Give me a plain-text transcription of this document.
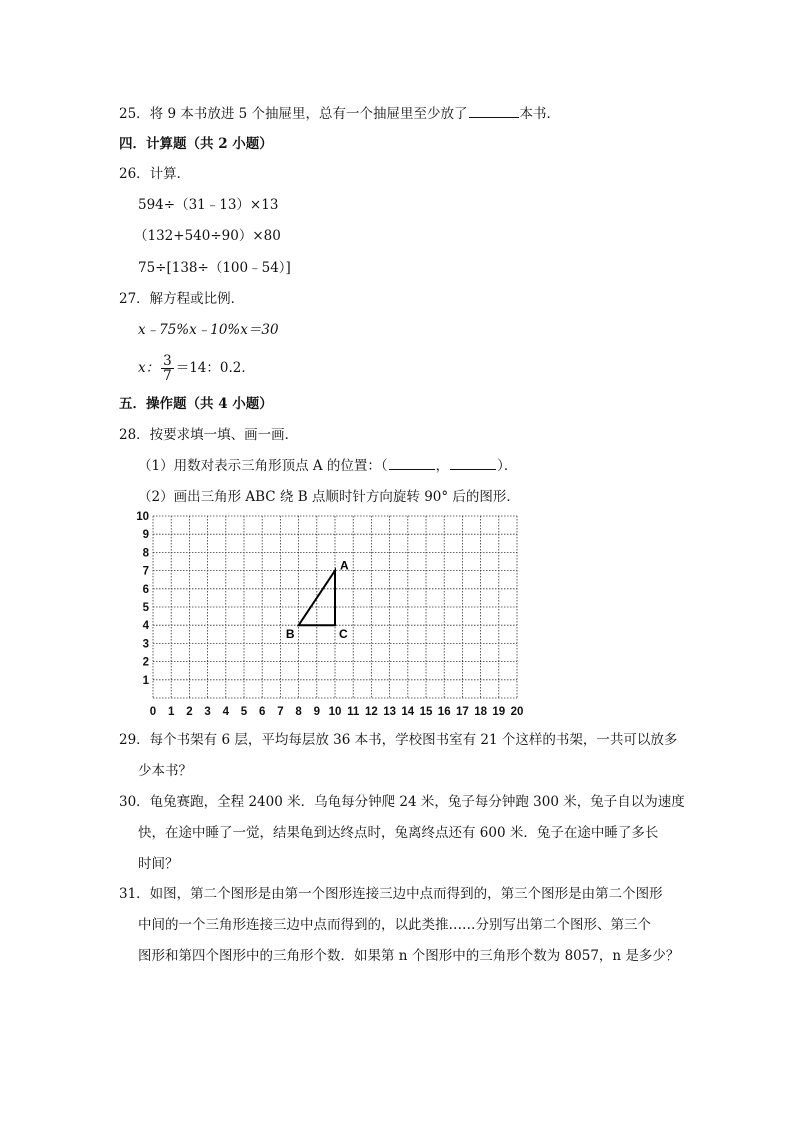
25．将 9 本书放进 5 个抽屉里，总有一个抽屉里至少放了	本书．
四．计算题（共 2 小题）
26．计算．
594÷（31﹣13）×13
（132+540÷90）×80
75÷[138÷（100﹣54）]
27．解方程或比例．
x﹣75%x﹣10%x＝30
x： $\frac{3}{7} =14$：0.2．
五．操作题（共 4 小题）
28．按要求填一填、画一画．
（1）用数对表示三角形顶点 A 的位置：（	，	）．
（2）画出三角形 ABC 绕 B 点顺时针方向旋转 90° 后的图形．
0 1 2 3 4 5 6 7 8 9 10 11 12 13 14 15 16 17 18 19 20
1
2
3
4
5
6
7
8
9
10
A
B	C
29．每个书架有 6 层，平均每层放 36 本书，学校图书室有 21 个这样的书架，一共可以放多
少本书？
30．龟兔赛跑，全程 2400 米．乌龟每分钟爬 24 米，兔子每分钟跑 300 米，兔子自以为速度
快，在途中睡了一觉，结果龟到达终点时，兔离终点还有 600 米．兔子在途中睡了多长
时间？
31．如图，第二个图形是由第一个图形连接三边中点而得到的，第三个图形是由第二个图形
中间的一个三角形连接三边中点而得到的，以此类推……分别写出第二个图形、第三个
图形和第四个图形中的三角形个数．如果第 n 个图形中的三角形个数为 8057，n 是多少？
